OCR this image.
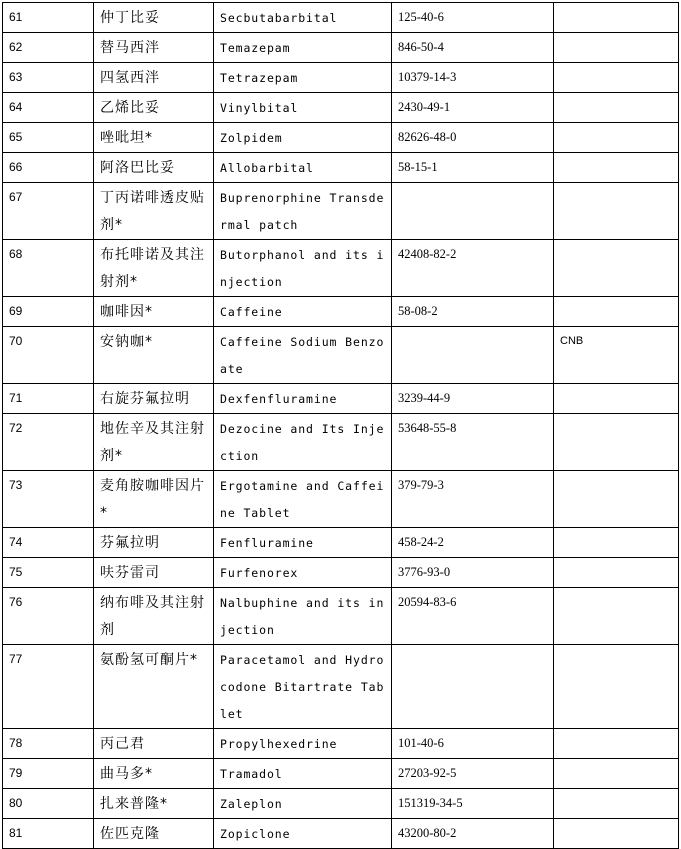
61	仲丁比妥	Secbutabarbital	125-40-6	
62	替马西泮	Temazepam	846-50-4	
63	四氢西泮	Tetrazepam	10379-14-3	
64	乙烯比妥	Vinylbital	2430-49-1	
65	唑吡坦*	Zolpidem	82626-48-0	
66	阿洛巴比妥	Allobarbital	58-15-1	
67	丁丙诺啡透皮贴剂*	Buprenorphine Transdermal patch		
68	布托啡诺及其注射剂*	Butorphanol and its injection	42408-82-2	
69	咖啡因*	Caffeine	58-08-2	
70	安钠咖*	Caffeine Sodium Benzoate		CNB
71	右旋芬氟拉明	Dexfenfluramine	3239-44-9	
72	地佐辛及其注射剂*	Dezocine and Its Injection	53648-55-8	
73	麦角胺咖啡因片*	Ergotamine and Caffeine Tablet	379-79-3	
74	芬氟拉明	Fenfluramine	458-24-2	
75	呋芬雷司	Furfenorex	3776-93-0	
76	纳布啡及其注射剂	Nalbuphine and its injection	20594-83-6	
77	氨酚氢可酮片*	Paracetamol and Hydrocodone Bitartrate Tablet		
78	丙己君	Propylhexedrine	101-40-6	
79	曲马多*	Tramadol	27203-92-5	
80	扎来普隆*	Zaleplon	151319-34-5	
81	佐匹克隆	Zopiclone	43200-80-2	
